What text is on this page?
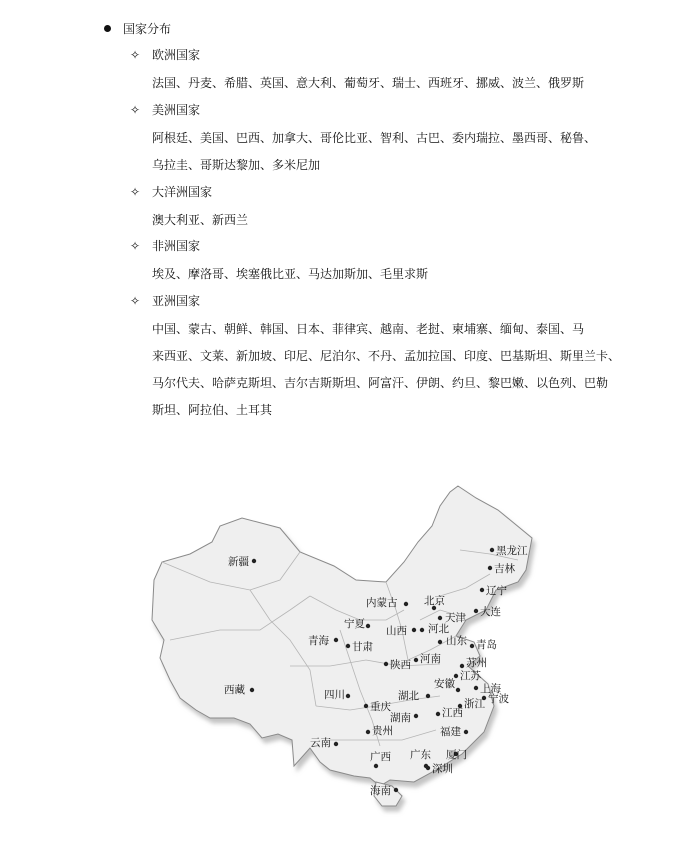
国家分布
✧ 欧洲国家
法国、丹麦、希腊、英国、意大利、葡萄牙、瑞士、西班牙、挪威、波兰、俄罗斯
✧ 美洲国家
阿根廷、美国、巴西、加拿大、哥伦比亚、智利、古巴、委内瑞拉、墨西哥、秘鲁、
乌拉圭、哥斯达黎加、多米尼加
✧ 大洋洲国家
澳大利亚、新西兰
✧ 非洲国家
埃及、摩洛哥、埃塞俄比亚、马达加斯加、毛里求斯
✧ 亚洲国家
中国、蒙古、朝鲜、韩国、日本、菲律宾、越南、老挝、柬埔寨、缅甸、泰国、马
来西亚、文莱、新加坡、印尼、尼泊尔、不丹、孟加拉国、印度、巴基斯坦、斯里兰卡、
马尔代夫、哈萨克斯坦、吉尔吉斯斯坦、阿富汗、伊朗、约旦、黎巴嫩、以色列、巴勒
斯坦、阿拉伯、土耳其
黑龙江
吉林
辽宁
大连
新疆
内蒙古	北京
天津
宁夏
山西 河北
青海 甘肃	山东 青岛
陕西 河南
江苏
苏州
西藏	四川
安徽 上海
宁波
湖北
浙江
重庆	江西
湖南
贵州	福建
云南
广西 广东 厦门
深圳
海南
